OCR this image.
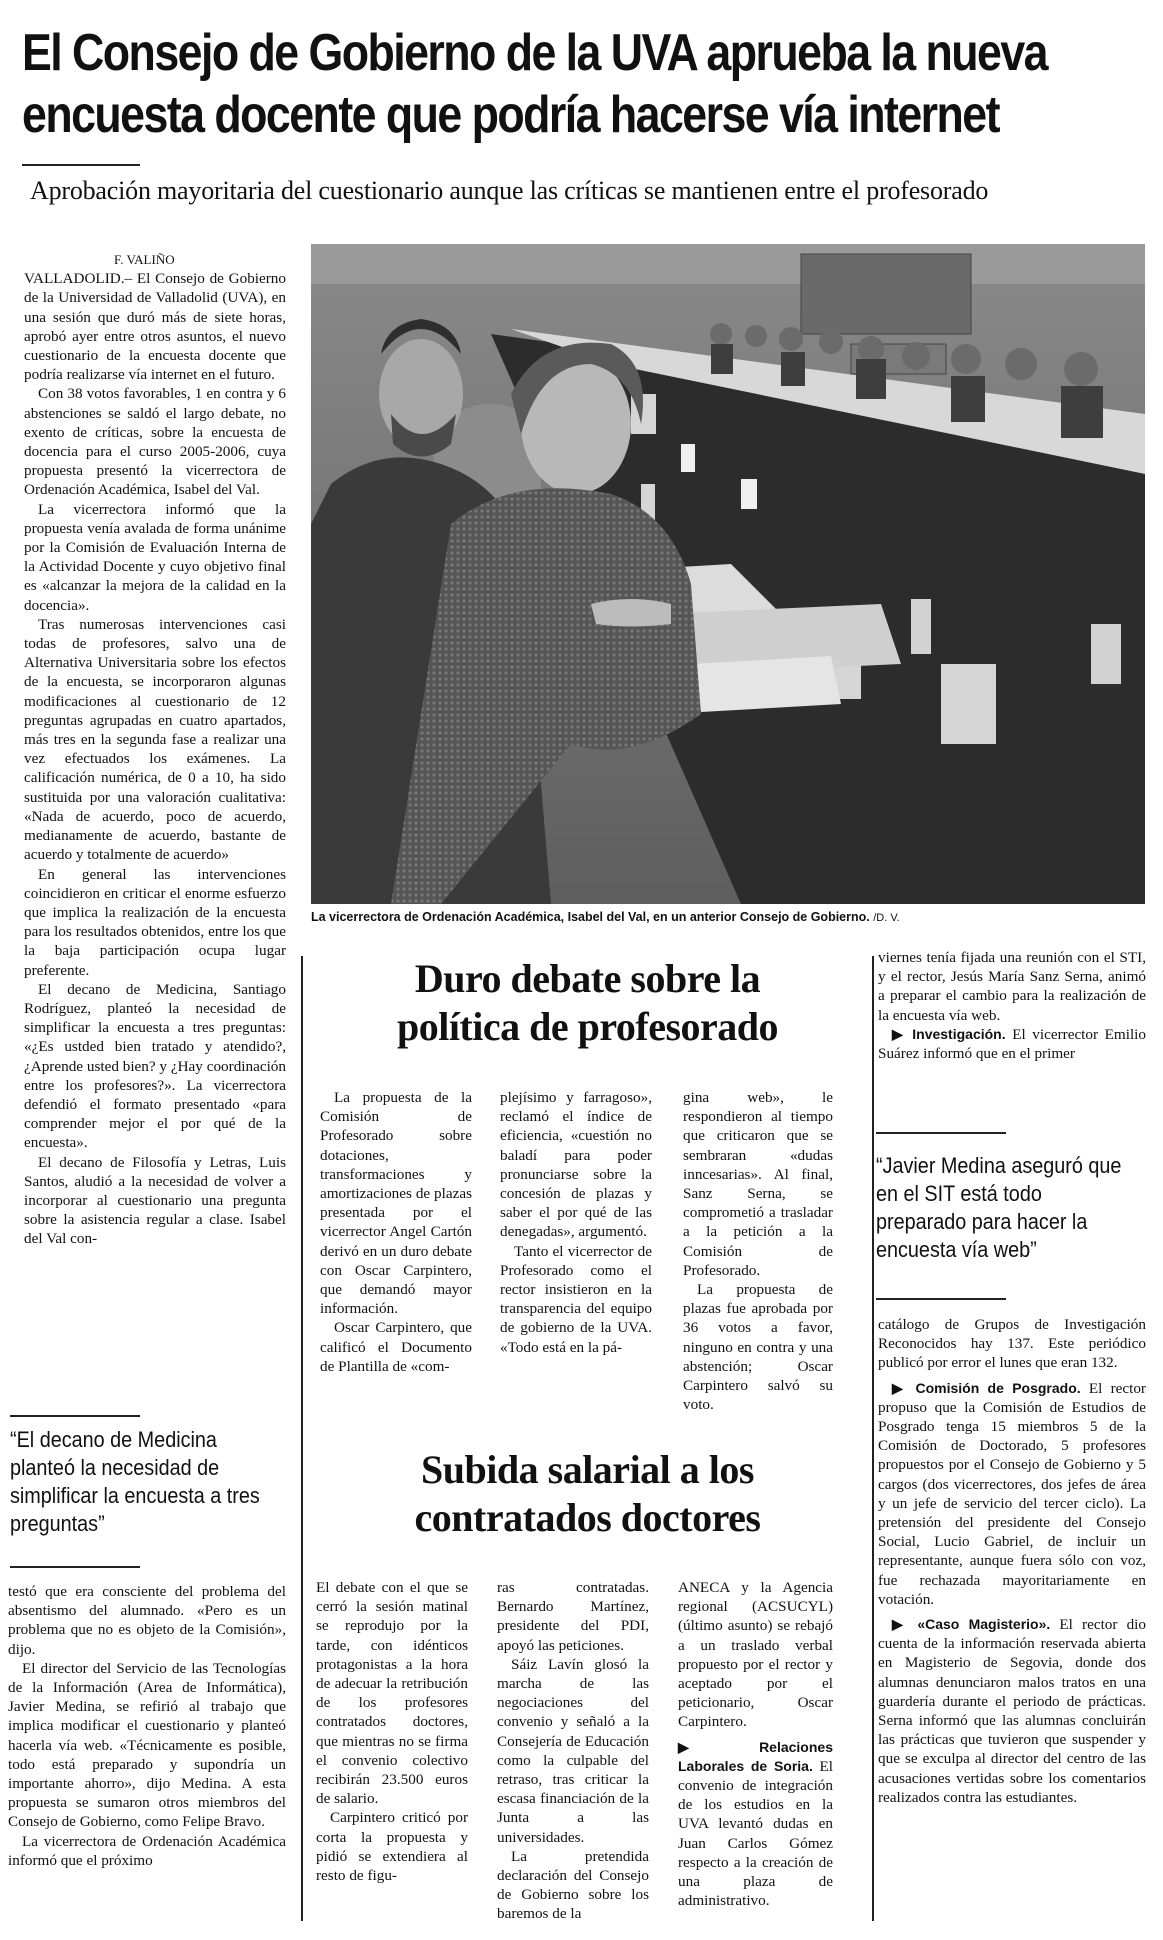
El Consejo de Gobierno de la UVA aprueba la nueva
encuesta docente que podría hacerse vía internet
Aprobación mayoritaria del cuestionario aunque las críticas se mantienen entre el profesorado
F. VALIÑO

VALLADOLID.– El Consejo de Gobierno de la Universidad de Valladolid (UVA), en una sesión que duró más de siete horas, aprobó ayer entre otros asuntos, el nuevo cuestionario de la encuesta docente que podría realizarse vía internet en el futuro.

Con 38 votos favorables, 1 en contra y 6 abstenciones se saldó el largo debate, no exento de críticas, sobre la encuesta de docencia para el curso 2005-2006, cuya propuesta presentó la vicerrectora de Ordenación Académica, Isabel del Val.

La vicerrectora informó que la propuesta venía avalada de forma unánime por la Comisión de Evaluación Interna de la Actividad Docente y cuyo objetivo final es «alcanzar la mejora de la calidad en la docencia».

Tras numerosas intervenciones casi todas de profesores, salvo una de Alternativa Universitaria sobre los efectos de la encuesta, se incorporaron algunas modificaciones al cuestionario de 12 preguntas agrupadas en cuatro apartados, más tres en la segunda fase a realizar una vez efectuados los exámenes. La calificación numérica, de 0 a 10, ha sido sustituida por una valoración cualitativa: «Nada de acuerdo, poco de acuerdo, medianamente de acuerdo, bastante de acuerdo y totalmente de acuerdo»

En general las intervenciones coincidieron en criticar el enorme esfuerzo que implica la realización de la encuesta para los resultados obtenidos, entre los que la baja participación ocupa lugar preferente.

El decano de Medicina, Santiago Rodríguez, planteó la necesidad de simplificar la encuesta a tres preguntas: «¿Es ustded bien tratado y atendido?, ¿Aprende usted bien? y ¿Hay coordinación entre los profesores?». La vicerrectora defendió el formato presentado «para comprender mejor el por qué de la encuesta».

El decano de Filosofía y Letras, Luis Santos, aludió a la necesidad de volver a incorporar al cuestionario una pregunta sobre la asistencia regular a clase. Isabel del Val con-

“El decano de Medicina planteó la necesidad de simplificar la encuesta a tres preguntas”

testó que era consciente del problema del absentismo del alumnado. «Pero es un problema que no es objeto de la Comisión», dijo.

El director del Servicio de las Tecnologías de la Información (Area de Informática), Javier Medina, se refirió al trabajo que implica modificar el cuestionario y planteó hacerla vía web. «Técnicamente es posible, todo está preparado y supondría un importante ahorro», dijo Medina. A esta propuesta se sumaron otros miembros del Consejo de Gobierno, como Felipe Bravo.

La vicerrectora de Ordenación Académica informó que el próximo

La vicerrectora de Ordenación Académica, Isabel del Val, en un anterior Consejo de Gobierno. /D. V.
Duro debate sobre la
política de profesorado

La propuesta de la Comisión de Profesorado sobre dotaciones, transformaciones y amortizaciones de plazas presentada por el vicerrector Angel Cartón derivó en un duro debate con Oscar Carpintero, que demandó mayor información.

Oscar Carpintero, que calificó el Documento de Plantilla de «com-

plejísimo y farragoso», reclamó el índice de eficiencia, «cuestión no baladí para poder pronunciarse sobre la concesión de plazas y saber el por qué de las denegadas», argumentó.

Tanto el vicerrector de Profesorado como el rector insistieron en la transparencia del equipo de gobierno de la UVA. «Todo está en la pá-

gina web», le respondieron al tiempo que criticaron que se sembraran «dudas inncesarias». Al final, Sanz Serna, se comprometió a trasladar a la petición a la Comisión de Profesorado.

La propuesta de plazas fue aprobada por 36 votos a favor, ninguno en contra y una abstención; Oscar Carpintero salvó su voto.

viernes tenía fijada una reunión con el STI, y el rector, Jesús María Sanz Serna, animó a preparar el cambio para la realización de la encuesta vía web.

▶ Investigación. El vicerrector Emilio Suárez informó que en el primer

“Javier Medina aseguró que en el SIT está todo preparado para hacer la encuesta vía web”

catálogo de Grupos de Investigación Reconocidos hay 137. Este periódico publicó por error el lunes que eran 132.

▶ Comisión de Posgrado. El rector propuso que la Comisión de Estudios de Posgrado tenga 15 miembros 5 de la Comisión de Doctorado, 5 profesores propuestos por el Consejo de Gobierno y 5 cargos (dos vicerrectores, dos jefes de área y un jefe de servicio del tercer ciclo). La pretensión del presidente del Consejo Social, Lucio Gabriel, de incluir un representante, aunque fuera sólo con voz, fue rechazada mayoritariamente en votación.

▶ «Caso Magisterio». El rector dio cuenta de la información reservada abierta en Magisterio de Segovia, donde dos alumnas denunciaron malos tratos en una guardería durante el periodo de prácticas. Serna informó que las alumnas concluirán las prácticas que tuvieron que suspender y que se exculpa al director del centro de las acusaciones vertidas sobre los comentarios realizados contra las estudiantes.

Subida salarial a los
contratados doctores

El debate con el que se cerró la sesión matinal se reprodujo por la tarde, con idénticos protagonistas a la hora de adecuar la retribución de los profesores contratados doctores, que mientras no se firma el convenio colectivo recibirán 23.500 euros de salario.

Carpintero criticó por corta la propuesta y pidió se extendiera al resto de figu-

ras contratadas. Bernardo Martínez, presidente del PDI, apoyó las peticiones.

Sáiz Lavín glosó la marcha de las negociaciones del convenio y señaló a la Consejería de Educación como la culpable del retraso, tras criticar la escasa financiación de la Junta a las universidades.

La pretendida declaración del Consejo de Gobierno sobre los baremos de la

ANECA y la Agencia regional (ACSUCYL) (último asunto) se rebajó a un traslado verbal propuesto por el rector y aceptado por el peticionario, Oscar Carpintero.

▶ Relaciones Laborales de Soria. El convenio de integración de los estudios en la UVA levantó dudas en Juan Carlos Gómez respecto a la creación de una plaza de administrativo.
